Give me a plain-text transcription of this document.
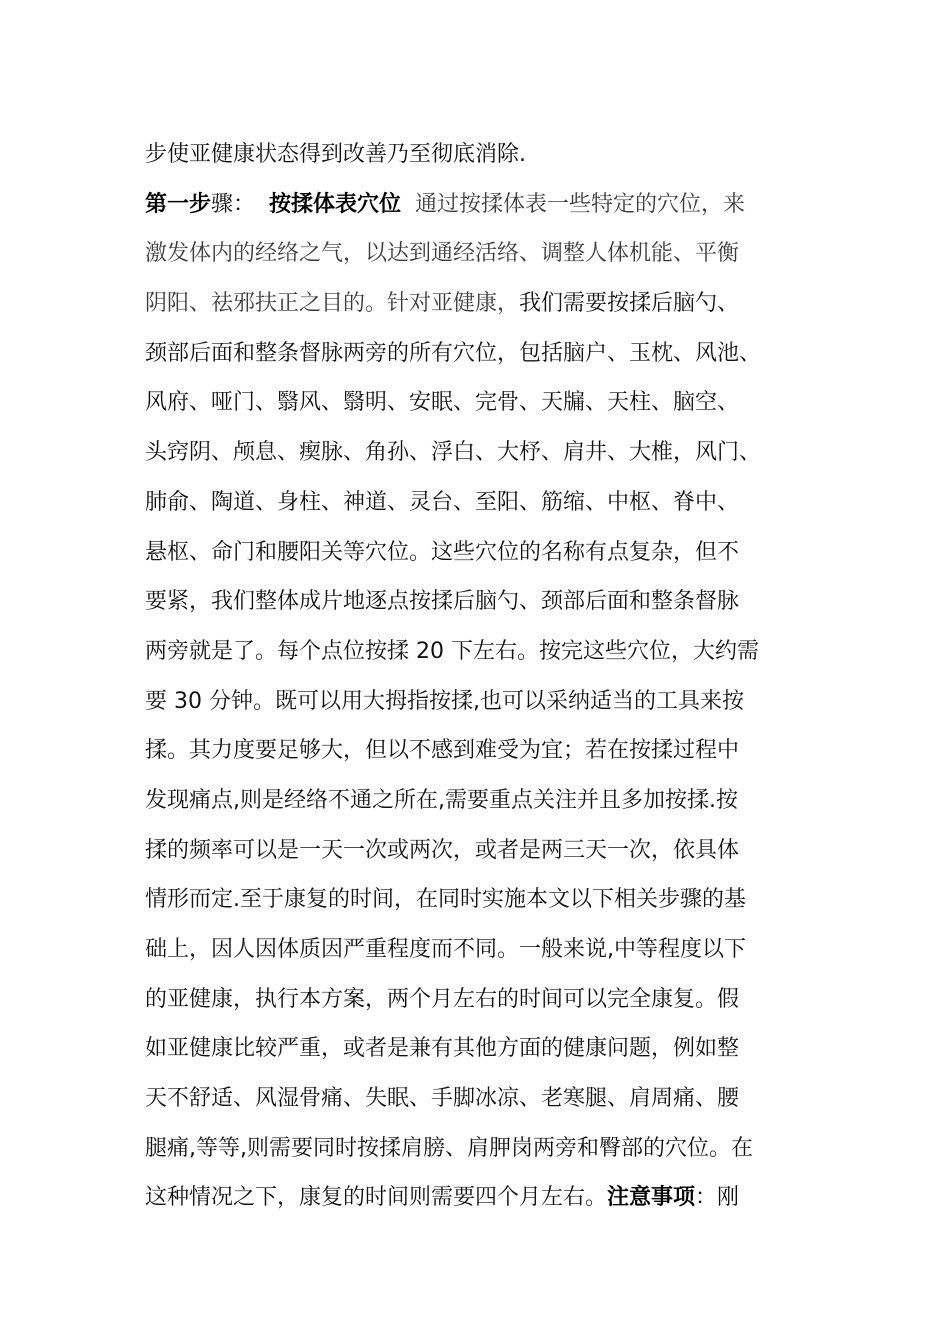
步使亚健康状态得到改善乃至彻底消除.
第一步骤： 按揉体表穴位 通过按揉体表一些特定的穴位，来
激发体内的经络之气，以达到通经活络、调整人体机能、平衡
阴阳、祛邪扶正之目的。针对亚健康，我们需要按揉后脑勺、
颈部后面和整条督脉两旁的所有穴位，包括脑户、玉枕、风池、
风府、哑门、翳风、翳明、安眠、完骨、天牖、天柱、脑空、
头窍阴、颅息、瘈脉、角孙、浮白、大杼、肩井、大椎，风门、
肺俞、陶道、身柱、神道、灵台、至阳、筋缩、中枢、脊中、
悬枢、命门和腰阳关等穴位。这些穴位的名称有点复杂，但不
要紧，我们整体成片地逐点按揉后脑勺、颈部后面和整条督脉
两旁就是了。每个点位按揉 20 下左右。按完这些穴位，大约需
要 30 分钟。既可以用大拇指按揉,也可以采纳适当的工具来按
揉。其力度要足够大，但以不感到难受为宜；若在按揉过程中
发现痛点,则是经络不通之所在,需要重点关注并且多加按揉.按
揉的频率可以是一天一次或两次，或者是两三天一次，依具体
情形而定.至于康复的时间，在同时实施本文以下相关步骤的基
础上，因人因体质因严重程度而不同。一般来说,中等程度以下
的亚健康，执行本方案，两个月左右的时间可以完全康复。假
如亚健康比较严重，或者是兼有其他方面的健康问题，例如整
天不舒适、风湿骨痛、失眠、手脚冰凉、老寒腿、肩周痛、腰
腿痛,等等,则需要同时按揉肩膀、肩胛岗两旁和臀部的穴位。在
这种情况之下，康复的时间则需要四个月左右。注意事项：刚
